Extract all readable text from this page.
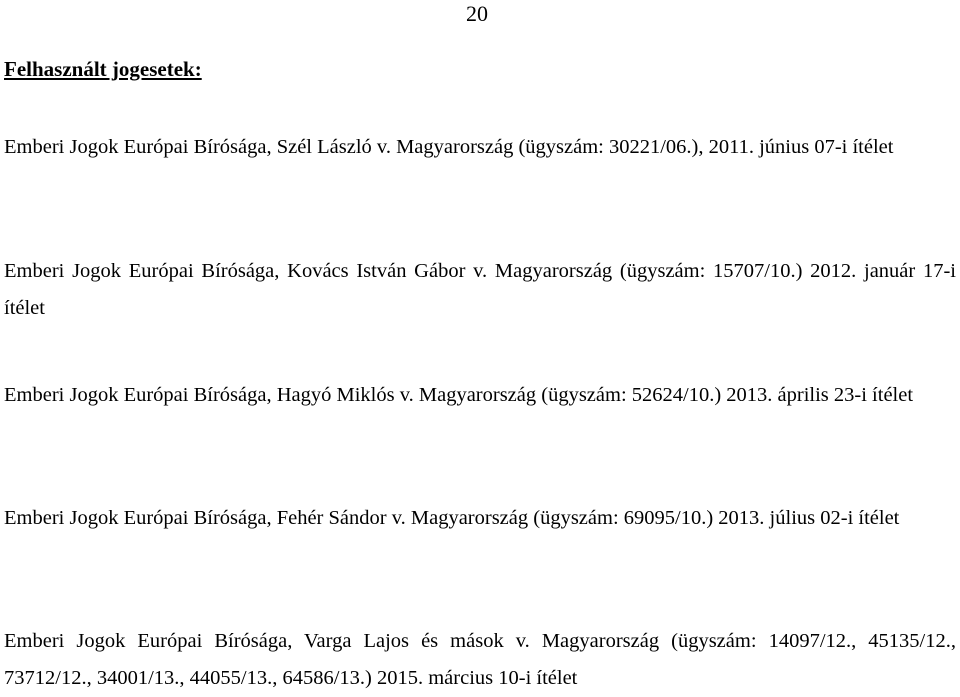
20
Felhasznált jogesetek:

Emberi Jogok Európai Bírósága, Szél László v. Magyarország (ügyszám: 30221/06.), 2011. június 07-i ítélet

Emberi Jogok Európai Bírósága, Kovács István Gábor v. Magyarország (ügyszám: 15707/10.) 2012. január 17-i ítélet

Emberi Jogok Európai Bírósága, Hagyó Miklós v. Magyarország (ügyszám: 52624/10.) 2013. április 23-i ítélet

Emberi Jogok Európai Bírósága, Fehér Sándor v. Magyarország (ügyszám: 69095/10.) 2013. július 02-i ítélet

Emberi Jogok Európai Bírósága, Varga Lajos és mások v. Magyarország (ügyszám: 14097/12., 45135/12., 73712/12., 34001/13., 44055/13., 64586/13.) 2015. március 10-i ítélet
